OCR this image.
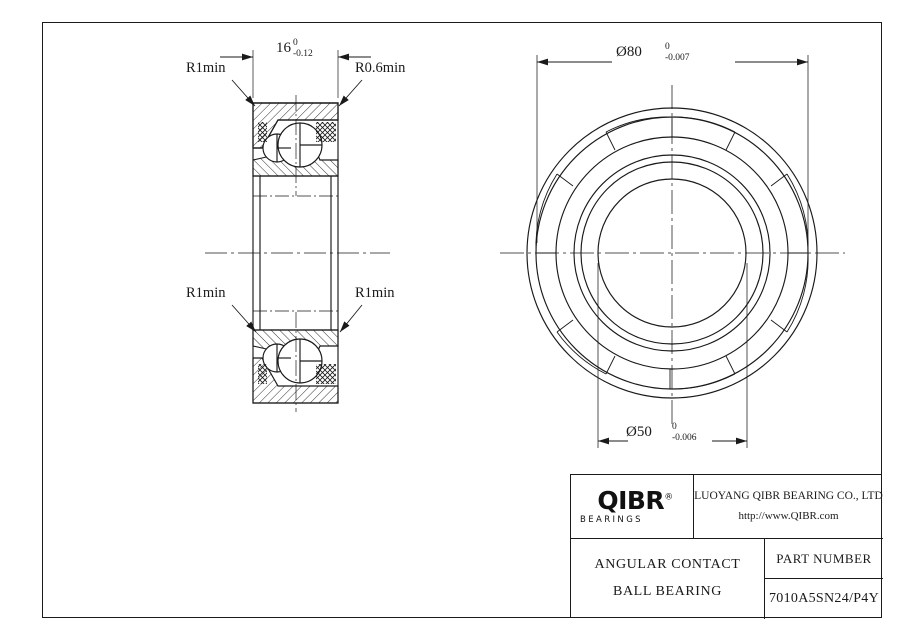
16 0
-0.12	Ø80 0
-0.007
Ø50 0
-0.006
R1min	R0.6min
R1min	R1min
QIBR®
BEARINGS
LUOYANG QIBR BEARING CO., LTD
http://www.QIBR.com
ANGULAR CONTACT
BALL BEARING
PART NUMBER
7010A5SN24/P4Y
